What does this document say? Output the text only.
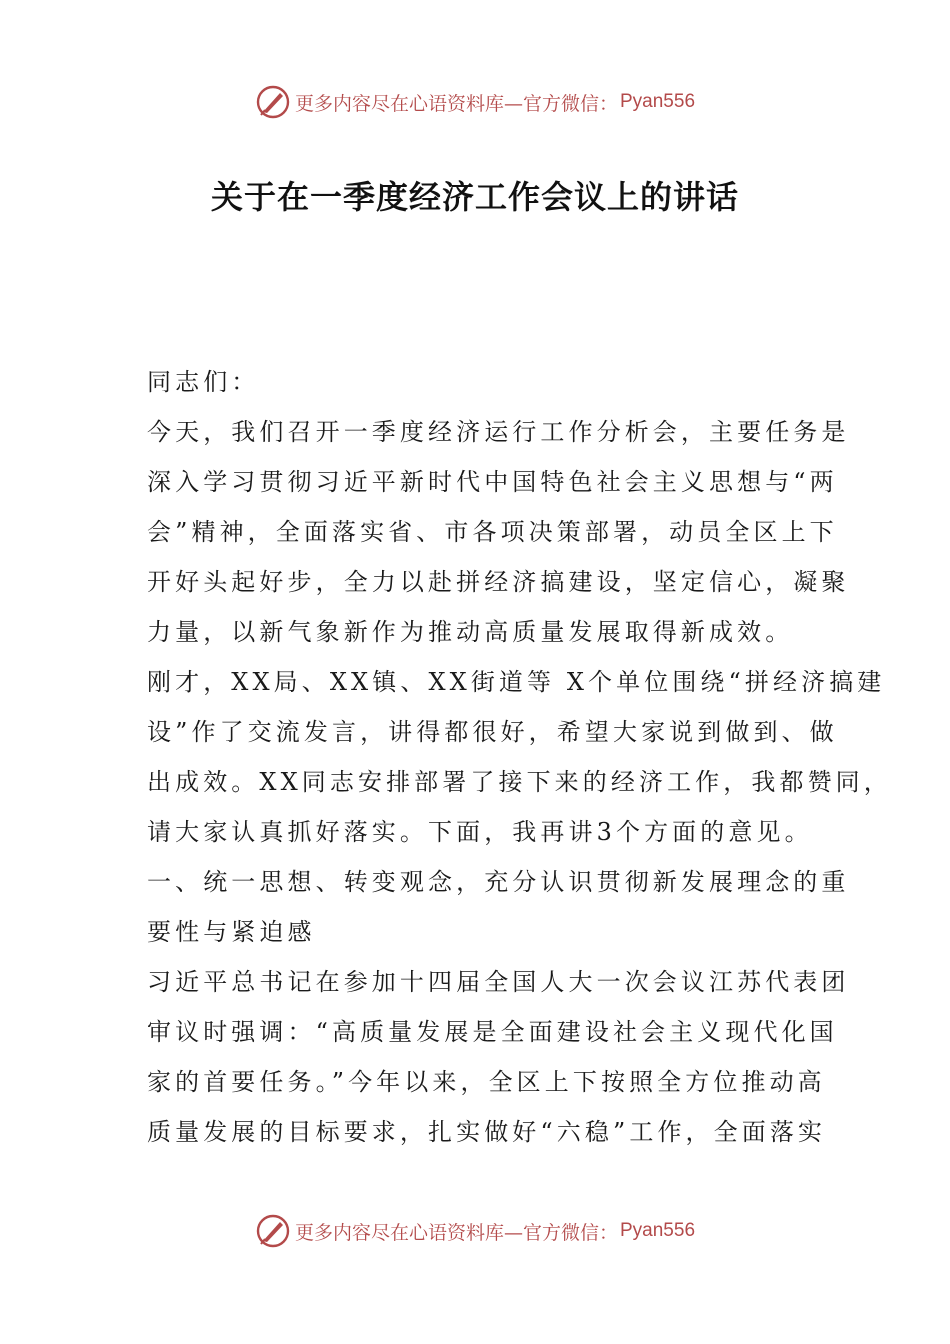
更多内容尽在心语资料库—官方微信： Pyan556
关于在一季度经济工作会议上的讲话
同志们：
今天，我们召开一季度经济运行工作分析会，主要任务是
深入学习贯彻习近平新时代中国特色社会主义思想与“两
会”精神，全面落实省、市各项决策部署，动员全区上下
开好头起好步，全力以赴拼经济搞建设，坚定信心，凝聚
力量，以新气象新作为推动高质量发展取得新成效。
刚才，XX局、XX镇、XX街道等 X个单位围绕“拼经济搞建
设”作了交流发言，讲得都很好，希望大家说到做到、做
出成效。XX同志安排部署了接下来的经济工作，我都赞同，
请大家认真抓好落实。下面，我再讲3个方面的意见。
一、统一思想、转变观念，充分认识贯彻新发展理念的重
要性与紧迫感
习近平总书记在参加十四届全国人大一次会议江苏代表团
审议时强调：“高质量发展是全面建设社会主义现代化国
家的首要任务。”今年以来，全区上下按照全方位推动高
质量发展的目标要求，扎实做好“六稳”工作，全面落实
更多内容尽在心语资料库—官方微信： Pyan556
